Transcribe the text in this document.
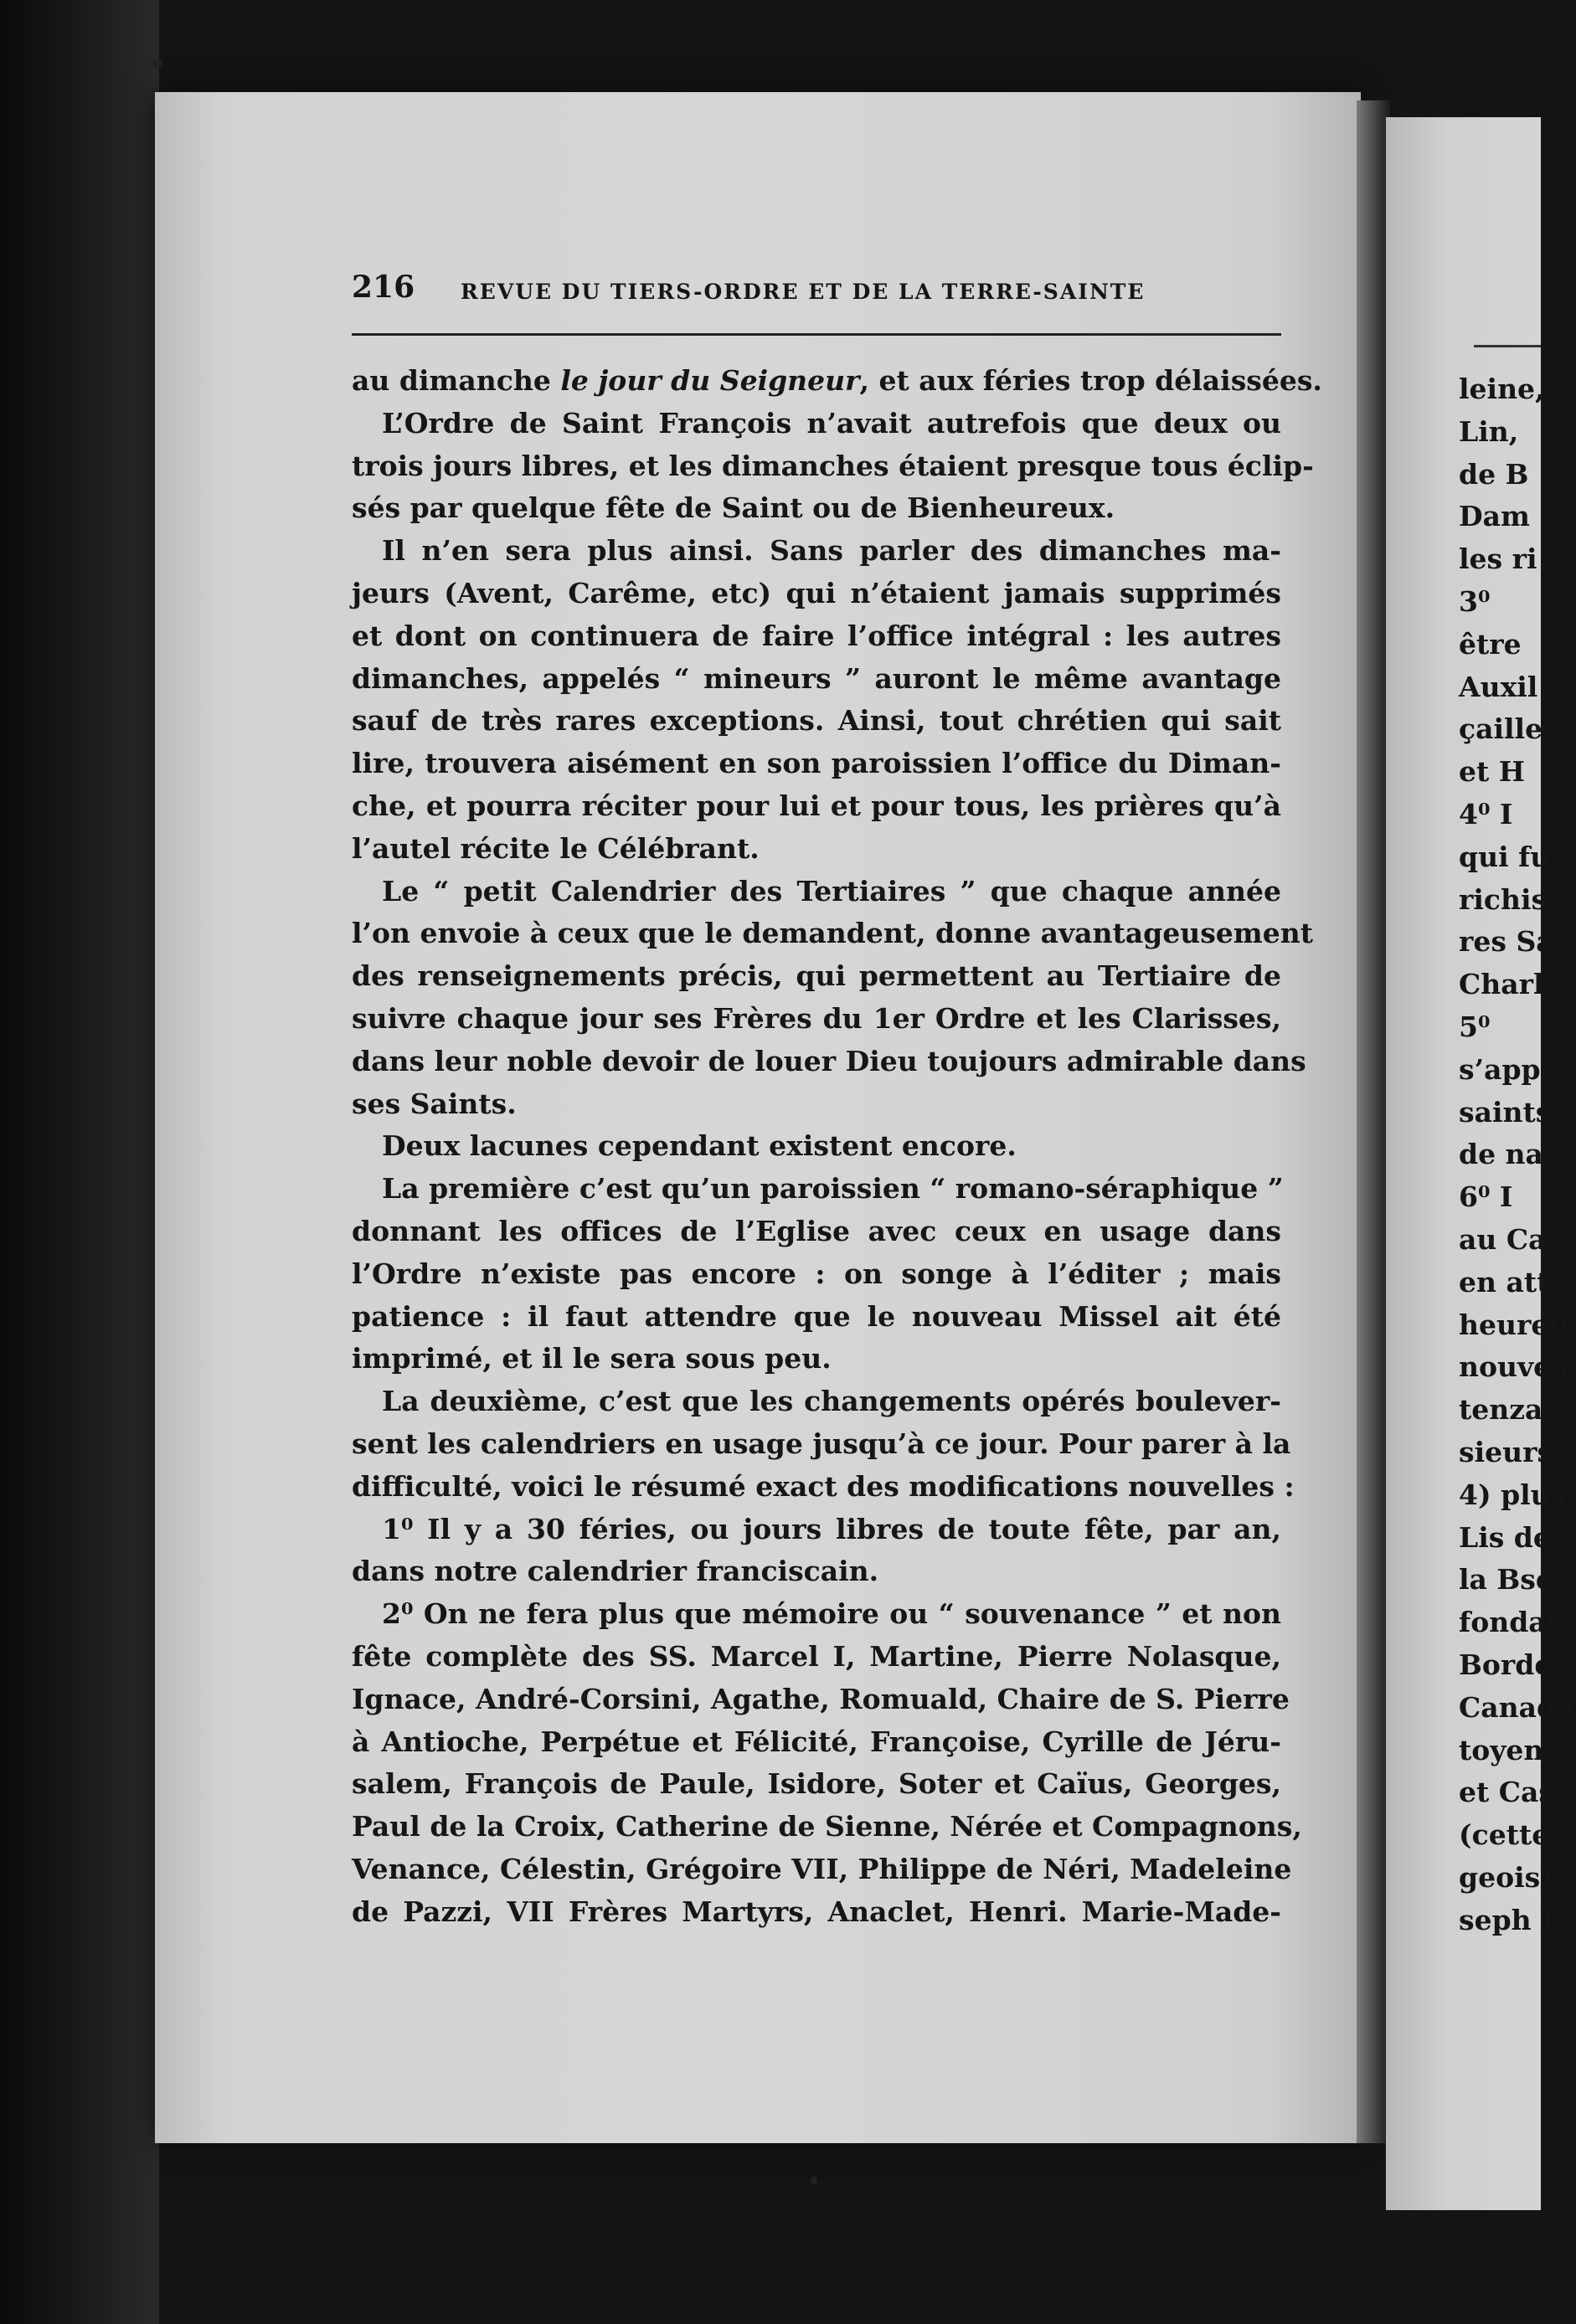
216 REVUE DU TIERS-ORDRE ET DE LA TERRE-SAINTE
au dimanche le jour du Seigneur, et aux féries trop délaissées.
L’Ordre de Saint François n’avait autrefois que deux ou
trois jours libres, et les dimanches étaient presque tous éclip-
sés par quelque fête de Saint ou de Bienheureux.
Il n’en sera plus ainsi. Sans parler des dimanches ma-
jeurs (Avent, Carême, etc) qui n’étaient jamais supprimés
et dont on continuera de faire l’office intégral : les autres
dimanches, appelés “ mineurs ” auront le même avantage
sauf de très rares exceptions. Ainsi, tout chrétien qui sait
lire, trouvera aisément en son paroissien l’office du Diman-
che, et pourra réciter pour lui et pour tous, les prières qu’à
l’autel récite le Célébrant.
Le “ petit Calendrier des Tertiaires ” que chaque année
l’on envoie à ceux que le demandent, donne avantageusement
des renseignements précis, qui permettent au Tertiaire de
suivre chaque jour ses Frères du 1er Ordre et les Clarisses,
dans leur noble devoir de louer Dieu toujours admirable dans
ses Saints.
Deux lacunes cependant existent encore.
La première c’est qu’un paroissien “ romano-séraphique ”
donnant les offices de l’Eglise avec ceux en usage dans
l’Ordre n’existe pas encore : on songe à l’éditer ; mais
patience : il faut attendre que le nouveau Missel ait été
imprimé, et il le sera sous peu.
La deuxième, c’est que les changements opérés boulever-
sent les calendriers en usage jusqu’à ce jour. Pour parer à la
difficulté, voici le résumé exact des modifications nouvelles :
1⁰ Il y a 30 féries, ou jours libres de toute fête, par an,
dans notre calendrier franciscain.
2⁰ On ne fera plus que mémoire ou “ souvenance ” et non
fête complète des SS. Marcel I, Martine, Pierre Nolasque,
Ignace, André-Corsini, Agathe, Romuald, Chaire de S. Pierre
à Antioche, Perpétue et Félicité, Françoise, Cyrille de Jéru-
salem, François de Paule, Isidore, Soter et Caïus, Georges,
Paul de la Croix, Catherine de Sienne, Nérée et Compagnons,
Venance, Célestin, Grégoire VII, Philippe de Néri, Madeleine
de Pazzi, VII Frères Martyrs, Anaclet, Henri. Marie-Made-
leine,
Lin,
de B
Dam
les ri
3⁰
être
Auxil
çaille
et H
4⁰ I
qui fu
richis
res Sa
Charl
5⁰
s’appr
saints
de na
6⁰ I
au Ca
en att
heureu
nouvea
tenza,
sieurs
4) plus
Lis de
la Bse
fondatr
Bordea
Canada
toyens
et Cass
(cette c
geois) ;
seph L
